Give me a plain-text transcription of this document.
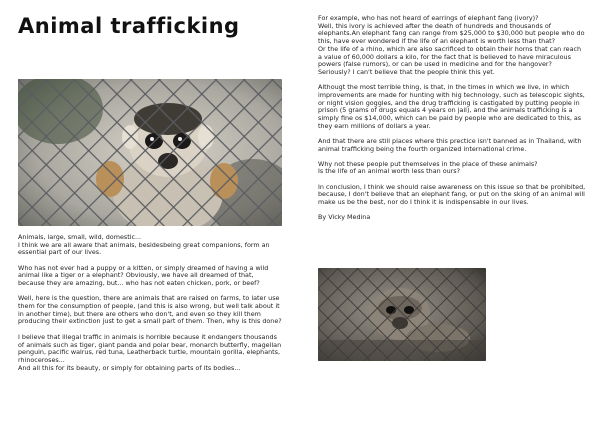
Animal trafficking

Animals, large, small, wild, domestic...
I think we are all aware that animals, besidesbeing great companions, form an essential part of our lives.

Who has not ever had a puppy or a kitten, or simply dreamed of having a wild animal like a tiger or a elephant? Obviously, we have all dreamed of that, because they are amazing, but... who has not eaten chicken, pork, or beef?

Well, here is the question, there are animals that are raised on farms, to later use them for the consumption of people, (and this is also wrong, but well talk about it in another time), but there are others who don't, and even so they kill them producing their extinction just to get a small part of them. Then, why is this done?

I believe that illegal traffic in animals is horrible because it endangers thousands of animals such as tiger, giant panda and polar bear, monarch butterfly, magellan penguin, pacific walrus, red tuna, Leatherback turtle, mountain gorilla, elephants, rhinoceroses...
And all this for its beauty, or simply for obtaining parts of its bodies...

For example, who has not heard of earrings of elephant fang (ivory)?
Well, this ivory is achieved after the death of hundreds and thousands of elephants.An elephant fang can range from $25,000 to $30,000 but people who do this, have ever wondered if the life of an elephant is worth less than that?
Or the life of a rhino, which are also sacrificed to obtain their horns that can reach a value of 60,000 dollars a kilo, for the fact that is believed to have miraculous powers (false rumors), or can be used in medicine and for the hangover? Seriously? I can't believe that the people think this yet.

Althougt the most terrible thing, is that, in the times in which we live, in which improvements are made for hunting with hig technology, such as telescopic sights, or night vision goggles, and the drug trafficking is castigated by putting people in prison (5 grams of drugs equals 4 years on jail), and the animals trafficking is a simply fine os $14,000, which can be paid by people who are dedicated to this, as they earn millions of dollars a year.

And that there are still places where this prectice isn't banned as in Thailand, with animal trafficking being the fourth organized international crime.

Why not these people put themselves in the place of these animals?
Is the life of an animal worth less than ours?

In conclusion, I think we should raise awareness on this issue so that be prohibited, because, I don't believe that an elephant fang, or put on the sking of an animal will make us be the best, nor do I think it is indispensable in our lives.

By Vicky Medina
